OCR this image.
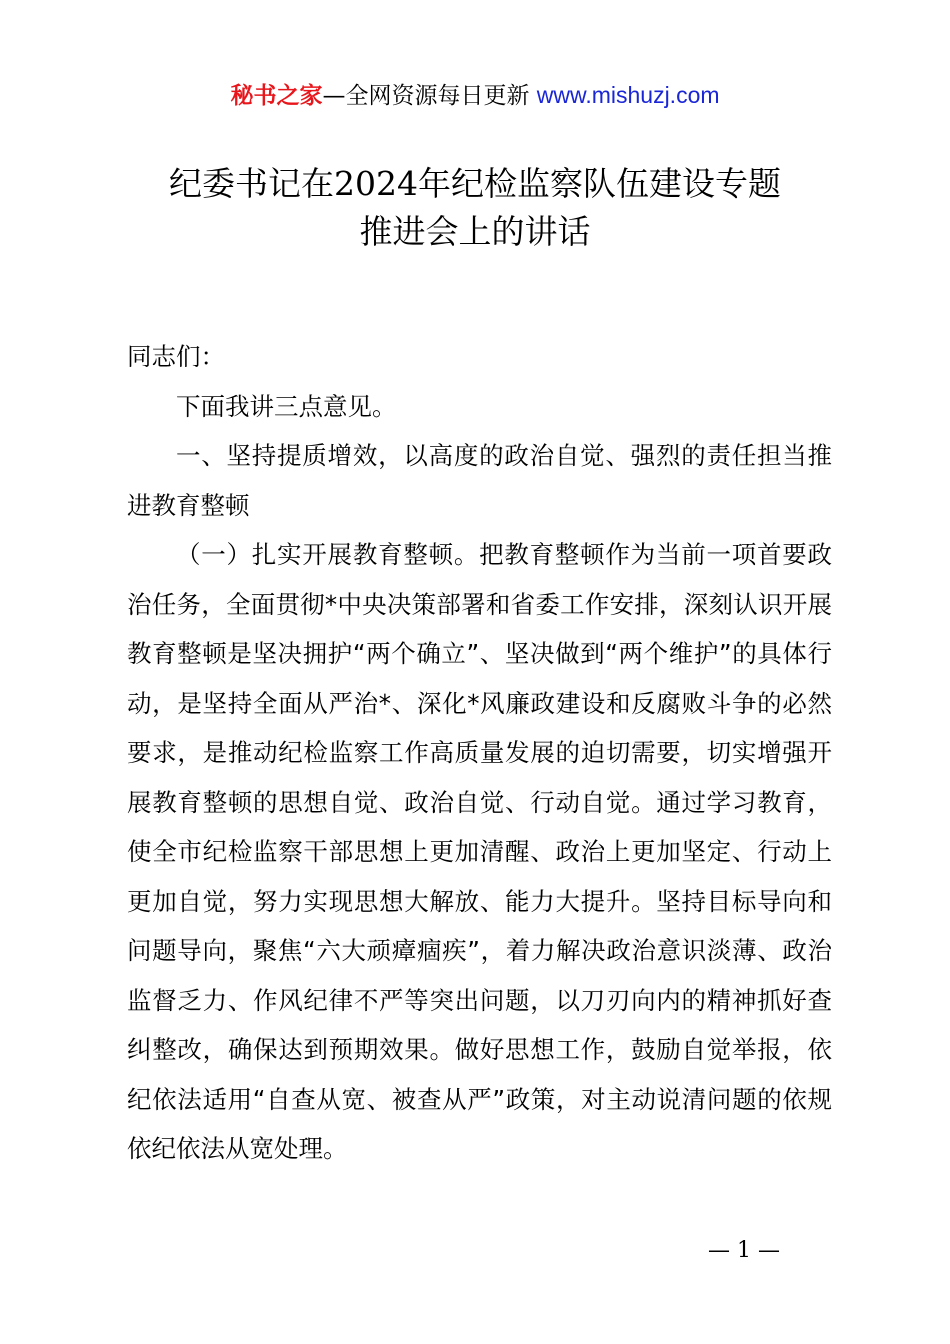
秘书之家—全网资源每日更新 www.mishuzj.com
纪委书记在2024年纪检监察队伍建设专题
推进会上的讲话

同志们：

下面我讲三点意见。

一、坚持提质增效，以高度的政治自觉、强烈的责任担当推进教育整顿

（一）扎实开展教育整顿。把教育整顿作为当前一项首要政治任务，全面贯彻*中央决策部署和省委工作安排，深刻认识开展教育整顿是坚决拥护“两个确立”、坚决做到“两个维护”的具体行动，是坚持全面从严治*、深化*风廉政建设和反腐败斗争的必然要求，是推动纪检监察工作高质量发展的迫切需要，切实增强开展教育整顿的思想自觉、政治自觉、行动自觉。通过学习教育，使全市纪检监察干部思想上更加清醒、政治上更加坚定、行动上更加自觉，努力实现思想大解放、能力大提升。坚持目标导向和问题导向，聚焦“六大顽瘴痼疾”，着力解决政治意识淡薄、政治监督乏力、作风纪律不严等突出问题，以刀刃向内的精神抓好查纠整改，确保达到预期效果。做好思想工作，鼓励自觉举报，依纪依法适用“自查从宽、被查从严”政策，对主动说清问题的依规依纪依法从宽处理。

— 1 —
